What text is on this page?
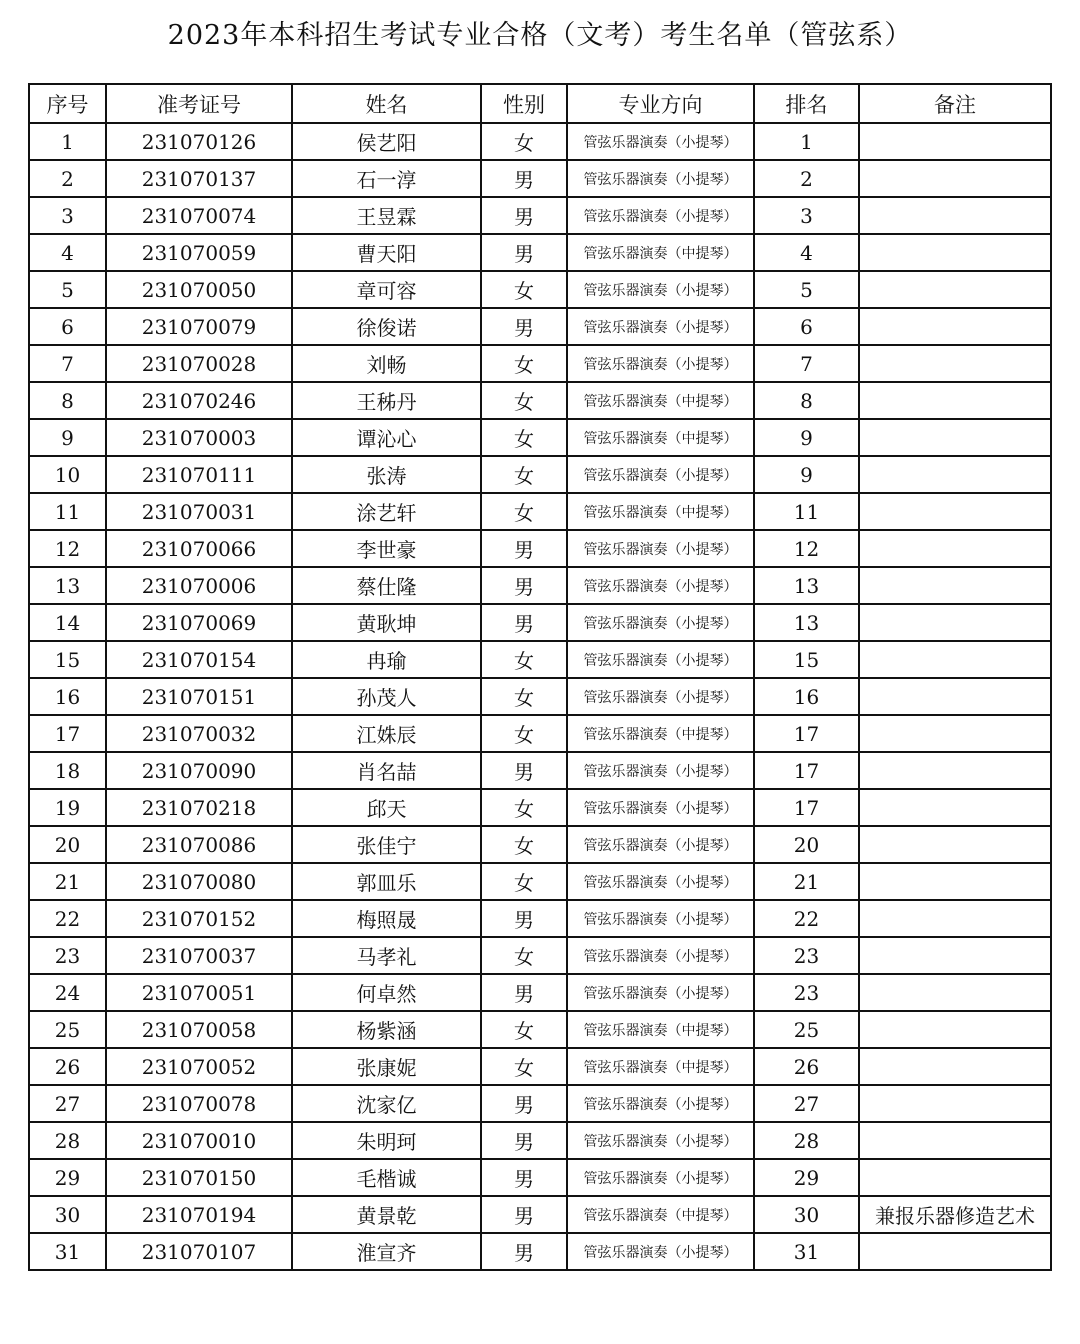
2023年本科招生考试专业合格（文考）考生名单（管弦系）
序号	准考证号	姓名	性别	专业方向	排名	备注
1	231070126	侯艺阳	女	管弦乐器演奏（小提琴）	1	
2	231070137	石一淳	男	管弦乐器演奏（小提琴）	2	
3	231070074	王昱霖	男	管弦乐器演奏（小提琴）	3	
4	231070059	曹天阳	男	管弦乐器演奏（中提琴）	4	
5	231070050	章可容	女	管弦乐器演奏（小提琴）	5	
6	231070079	徐俊诺	男	管弦乐器演奏（小提琴）	6	
7	231070028	刘畅	女	管弦乐器演奏（小提琴）	7	
8	231070246	王秭丹	女	管弦乐器演奏（中提琴）	8	
9	231070003	谭沁心	女	管弦乐器演奏（中提琴）	9	
10	231070111	张涛	女	管弦乐器演奏（小提琴）	9	
11	231070031	涂艺轩	女	管弦乐器演奏（中提琴）	11	
12	231070066	李世豪	男	管弦乐器演奏（小提琴）	12	
13	231070006	蔡仕隆	男	管弦乐器演奏（小提琴）	13	
14	231070069	黄耿坤	男	管弦乐器演奏（小提琴）	13	
15	231070154	冉瑜	女	管弦乐器演奏（小提琴）	15	
16	231070151	孙茂人	女	管弦乐器演奏（小提琴）	16	
17	231070032	江姝辰	女	管弦乐器演奏（中提琴）	17	
18	231070090	肖名喆	男	管弦乐器演奏（小提琴）	17	
19	231070218	邱天	女	管弦乐器演奏（小提琴）	17	
20	231070086	张佳宁	女	管弦乐器演奏（小提琴）	20	
21	231070080	郭皿乐	女	管弦乐器演奏（小提琴）	21	
22	231070152	梅照晟	男	管弦乐器演奏（小提琴）	22	
23	231070037	马孝礼	女	管弦乐器演奏（小提琴）	23	
24	231070051	何卓然	男	管弦乐器演奏（小提琴）	23	
25	231070058	杨紫涵	女	管弦乐器演奏（中提琴）	25	
26	231070052	张康妮	女	管弦乐器演奏（中提琴）	26	
27	231070078	沈家亿	男	管弦乐器演奏（小提琴）	27	
28	231070010	朱明珂	男	管弦乐器演奏（小提琴）	28	
29	231070150	毛楷诚	男	管弦乐器演奏（小提琴）	29	
30	231070194	黄景乾	男	管弦乐器演奏（中提琴）	30	兼报乐器修造艺术
31	231070107	淮宣齐	男	管弦乐器演奏（小提琴）	31	
